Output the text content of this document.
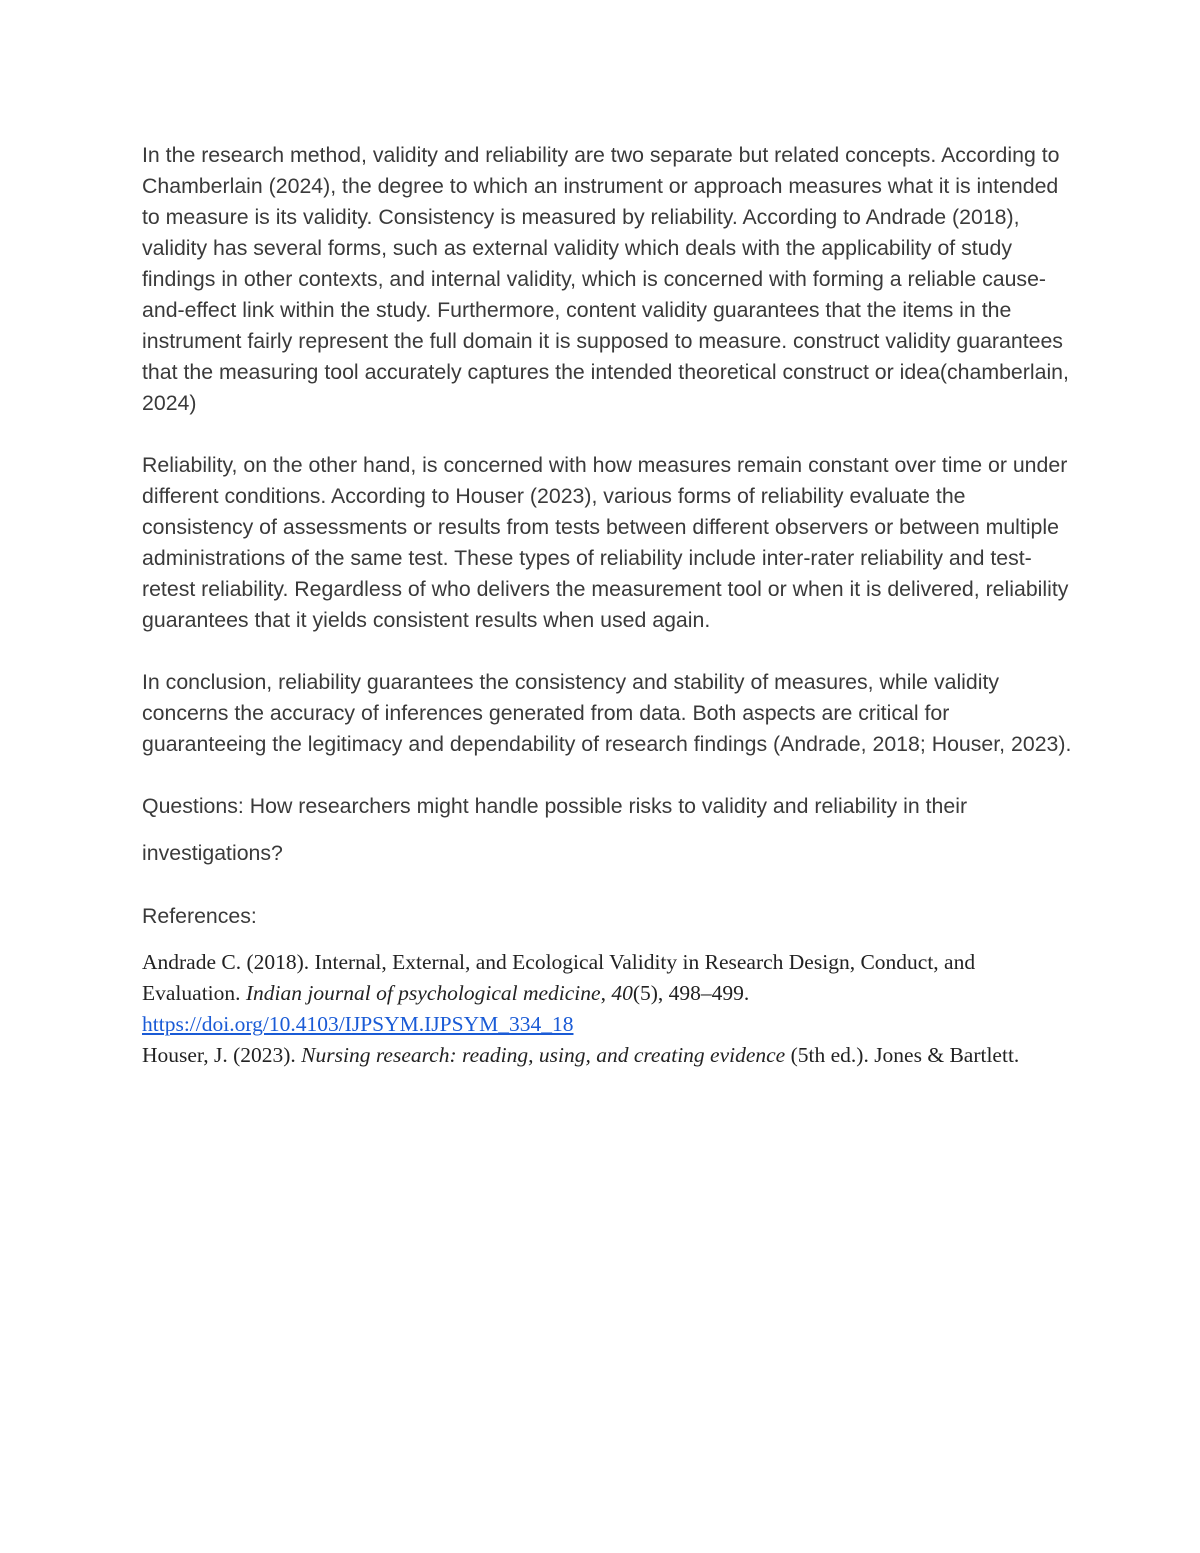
In the research method, validity and reliability are two separate but related concepts. According to Chamberlain (2024), the degree to which an instrument or approach measures what it is intended to measure is its validity. Consistency is measured by reliability. According to Andrade (2018), validity has several forms, such as external validity which deals with the applicability of study findings in other contexts, and internal validity, which is concerned with forming a reliable cause-and-effect link within the study. Furthermore, content validity guarantees that the items in the instrument fairly represent the full domain it is supposed to measure. construct validity guarantees that the measuring tool accurately captures the intended theoretical construct or idea(chamberlain, 2024)

Reliability, on the other hand, is concerned with how measures remain constant over time or under different conditions. According to Houser (2023), various forms of reliability evaluate the consistency of assessments or results from tests between different observers or between multiple administrations of the same test. These types of reliability include inter-rater reliability and test-retest reliability. Regardless of who delivers the measurement tool or when it is delivered, reliability guarantees that it yields consistent results when used again.

In conclusion, reliability guarantees the consistency and stability of measures, while validity concerns the accuracy of inferences generated from data. Both aspects are critical for guaranteeing the legitimacy and dependability of research findings (Andrade, 2018; Houser, 2023).

Questions: How researchers might handle possible risks to validity and reliability in their investigations?

References:

Andrade C. (2018). Internal, External, and Ecological Validity in Research Design, Conduct, and Evaluation. Indian journal of psychological medicine, 40(5), 498–499.
https://doi.org/10.4103/IJPSYM.IJPSYM_334_18

Houser, J. (2023). Nursing research: reading, using, and creating evidence (5th ed.). Jones & Bartlett.
